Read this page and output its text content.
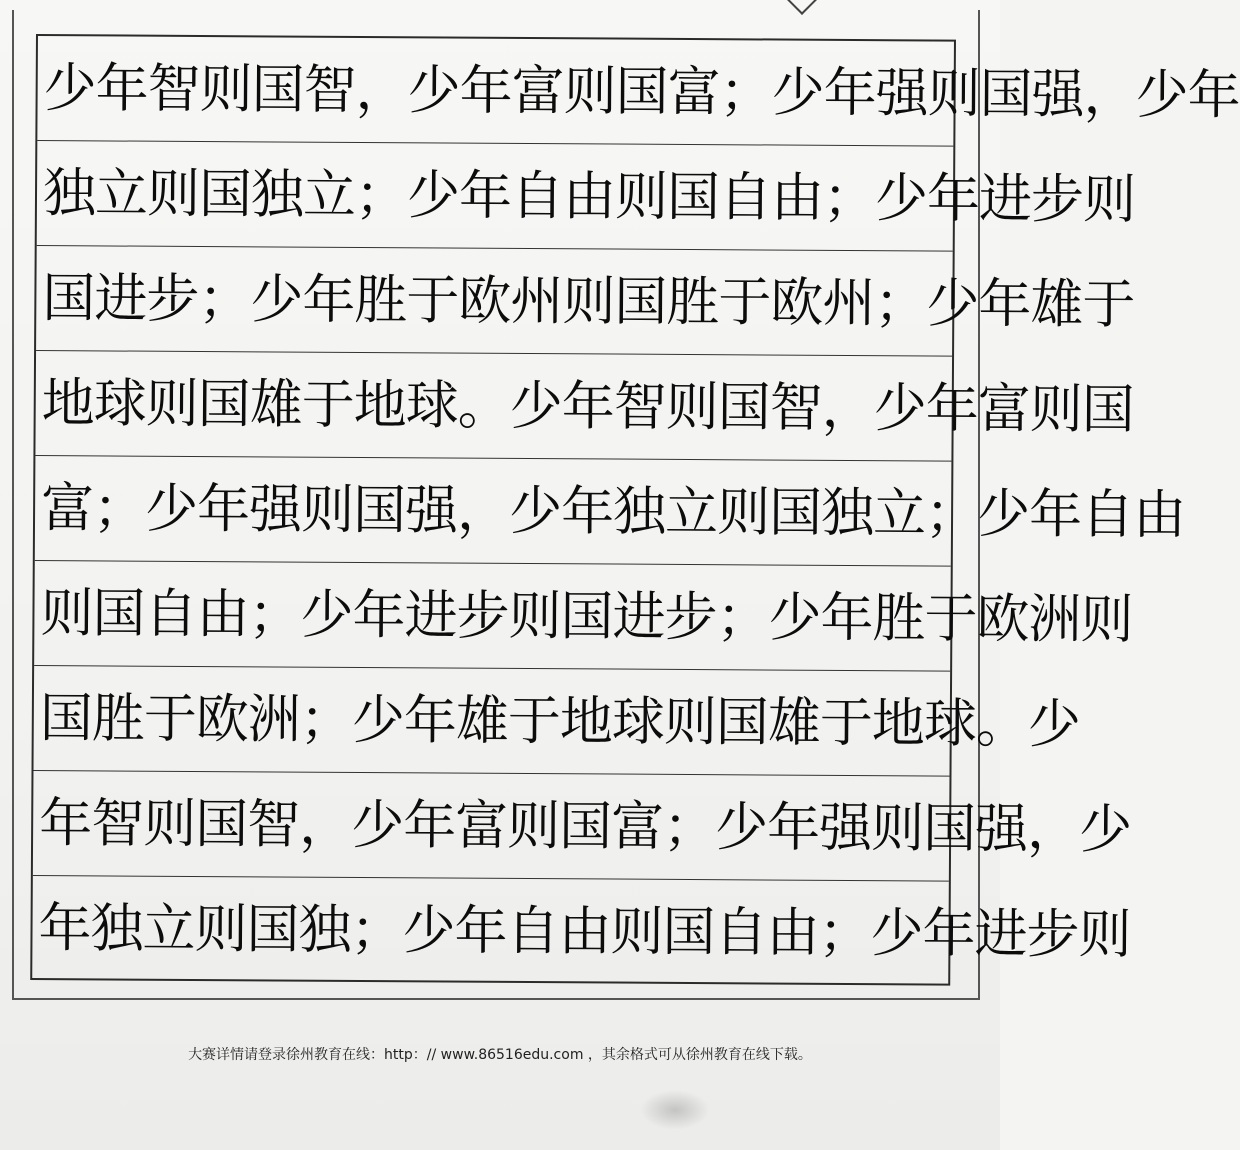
少年智则国智，少年富则国富；少年强则国强，少年
独立则国独立；少年自由则国自由；少年进步则
国进步；少年胜于欧州则国胜于欧州；少年雄于
地球则国雄于地球。少年智则国智，少年富则国
富；少年强则国强，少年独立则国独立；少年自由
则国自由；少年进步则国进步；少年胜于欧洲则
国胜于欧洲；少年雄于地球则国雄于地球。少
年智则国智，少年富则国富；少年强则国强，少
年独立则国独；少年自由则国自由；少年进步则
大赛详情请登录徐州教育在线：http：// www.86516edu.com ，其余格式可从徐州教育在线下载。
